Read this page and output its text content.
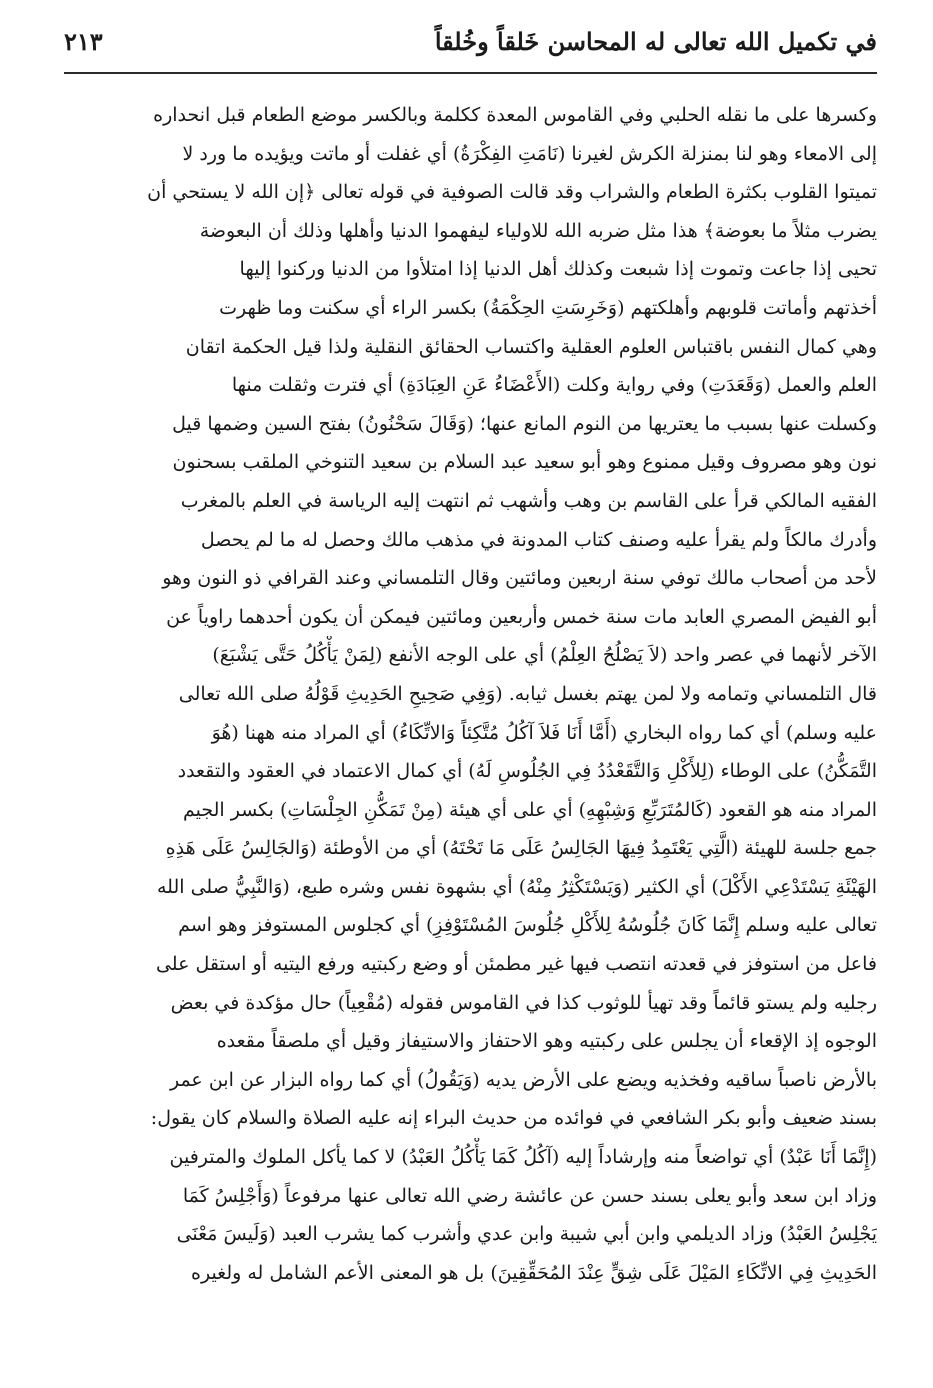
في تكميل الله تعالى له المحاسن خَلقاً وخُلقاً
٢١٣
وكسرها على ما نقله الحلبي وفي القاموس المعدة ككلمة وبالكسر موضع الطعام قبل انحداره
إلى الامعاء وهو لنا بمنزلة الكرش لغيرنا (نَامَتِ الفِكْرَةُ) أي غفلت أو ماتت ويؤيده ما ورد لا
تميتوا القلوب بكثرة الطعام والشراب وقد قالت الصوفية في قوله تعالى ﴿إن الله لا يستحي أن
يضرب مثلاً ما بعوضة﴾ هذا مثل ضربه الله للاولياء ليفهموا الدنيا وأهلها وذلك أن البعوضة
تحيى إذا جاعت وتموت إذا شبعت وكذلك أهل الدنيا إذا امتلأوا من الدنيا وركنوا إليها
أخذتهم وأماتت قلوبهم وأهلكتهم (وَخَرِسَتِ الحِكْمَةُ) بكسر الراء أي سكنت وما ظهرت
وهي كمال النفس باقتباس العلوم العقلية واكتساب الحقائق النقلية ولذا قيل الحكمة اتقان
العلم والعمل (وَقَعَدَتِ) وفي رواية وكلت (الأَعْضَاءُ عَنِ العِبَادَةِ) أي فترت وثقلت منها
وكسلت عنها بسبب ما يعتريها من النوم المانع عنها؛ (وَقَالَ سَحْنُونُ) بفتح السين وضمها قيل
نون وهو مصروف وقيل ممنوع وهو أبو سعيد عبد السلام بن سعيد التنوخي الملقب بسحنون
الفقيه المالكي قرأ على القاسم بن وهب وأشهب ثم انتهت إليه الرياسة في العلم بالمغرب
وأدرك مالكاً ولم يقرأ عليه وصنف كتاب المدونة في مذهب مالك وحصل له ما لم يحصل
لأحد من أصحاب مالك توفي سنة اربعين ومائتين وقال التلمساني وعند القرافي ذو النون وهو
أبو الفيض المصري العابد مات سنة خمس وأربعين ومائتين فيمكن أن يكون أحدهما راوياً عن
الآخر لأنهما في عصر واحد (لاَ يَصْلُحُ العِلْمُ) أي على الوجه الأنفع (لِمَنْ يَأْكُلُ حَتَّى يَشْبَعَ)
قال التلمساني وتمامه ولا لمن يهتم بغسل ثيابه. (وَفِي صَحِيحِ الحَدِيثِ قَوْلُهُ صلى الله تعالى
عليه وسلم) أي كما رواه البخاري (أَمَّا أَنَا فَلاَ آكُلُ مُتَّكِئاً وَالاتِّكَاءُ) أي المراد منه ههنا (هُوَ
التَّمَكُّنُ) على الوطاء (لِلأَكْلِ وَالتَّقَعْدُدُ فِي الجُلُوسِ لَهُ) أي كمال الاعتماد في العقود والتقعدد
المراد منه هو القعود (كَالمُتَرَبِّعِ وَشِبْهِهِ) أي على أي هيئة (مِنْ تَمَكُّنِ الجِلْسَاتِ) بكسر الجيم
جمع جلسة للهيئة (الَّتِي يَعْتَمِدُ فِيهَا الجَالِسُ عَلَى مَا تَحْتَهُ) أي من الأوطئة (وَالجَالِسُ عَلَى هَذِهِ
الهَيْئَةِ يَسْتَدْعِي الأَكْلَ) أي الكثير (وَيَسْتَكْثِرُ مِنْهُ) أي بشهوة نفس وشره طبع، (وَالنَّبِيُّ صلى الله
تعالى عليه وسلم إِنَّمَا كَانَ جُلُوسُهُ لِلأَكْلِ جُلُوسَ المُسْتَوْفِزِ) أي كجلوس المستوفز وهو اسم
فاعل من استوفز في قعدته انتصب فيها غير مطمئن أو وضع ركبتيه ورفع اليتيه أو استقل على
رجليه ولم يستو قائماً وقد تهيأ للوثوب كذا في القاموس فقوله (مُقْعِياً) حال مؤكدة في بعض
الوجوه إذ الإقعاء أن يجلس على ركبتيه وهو الاحتفاز والاستيفاز وقيل أي ملصقاً مقعده
بالأرض ناصباً ساقيه وفخذيه ويضع على الأرض يديه (وَيَقُولُ) أي كما رواه البزار عن ابن عمر
بسند ضعيف وأبو بكر الشافعي في فوائده من حديث البراء إنه عليه الصلاة والسلام كان يقول:
(إِنَّمَا أَنَا عَبْدٌ) أي تواضعاً منه وإرشاداً إليه (آكُلُ كَمَا يَأْكُلُ العَبْدُ) لا كما يأكل الملوك والمترفين
وزاد ابن سعد وأبو يعلى بسند حسن عن عائشة رضي الله تعالى عنها مرفوعاً (وَأَجْلِسُ كَمَا
يَجْلِسُ العَبْدُ) وزاد الديلمي وابن أبي شيبة وابن عدي وأشرب كما يشرب العبد (وَلَيسَ مَعْنَى
الحَدِيثِ فِي الاتِّكَاءِ المَيْلَ عَلَى شِقٍّ عِنْدَ المُحَقِّقِينَ) بل هو المعنى الأعم الشامل له ولغيره
